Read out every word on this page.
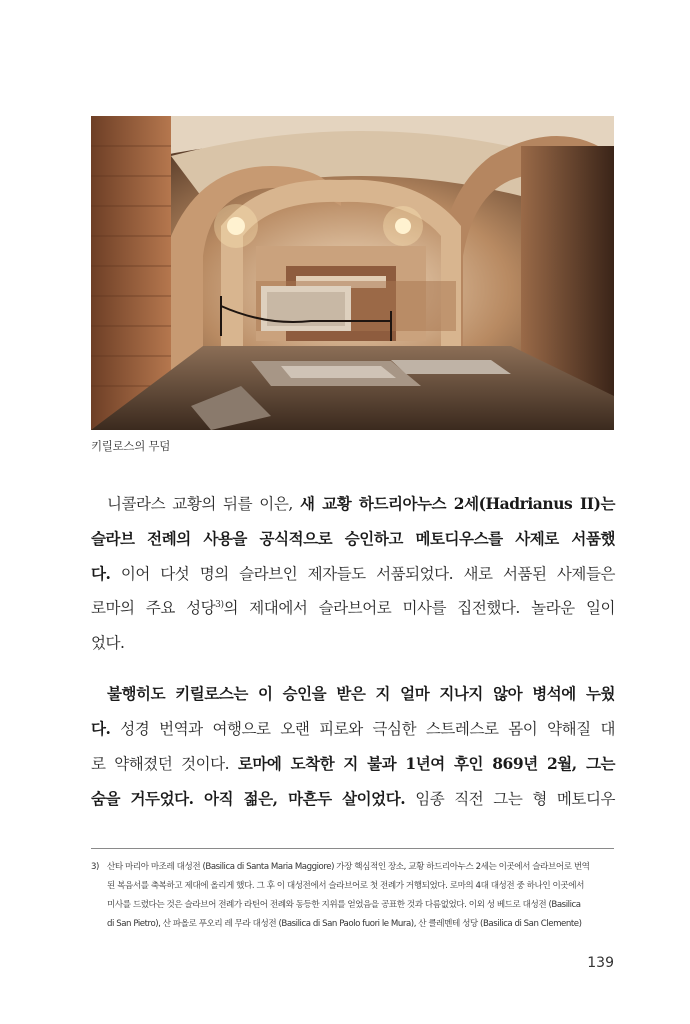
키릴로스의 무덤
니콜라스 교황의 뒤를 이은, 새 교황 하드리아누스 2세(Hadrianus II)는
슬라브 전례의 사용을 공식적으로 승인하고 메토디우스를 사제로 서품했
다. 이어 다섯 명의 슬라브인 제자들도 서품되었다. 새로 서품된 사제들은
로마의 주요 성당$^{3)}$의 제대에서 슬라브어로 미사를 집전했다. 놀라운 일이
었다.
불행히도 키릴로스는 이 승인을 받은 지 얼마 지나지 않아 병석에 누웠
다. 성경 번역과 여행으로 오랜 피로와 극심한 스트레스로 몸이 약해질 대
로 약해졌던 것이다. 로마에 도착한 지 불과 1년여 후인 869년 2월, 그는
숨을 거두었다. 아직 젊은, 마흔두 살이었다. 임종 직전 그는 형 메토디우
3) 산타 마리아 마조레 대성전 (Basilica di Santa Maria Maggiore) 가장 핵심적인 장소, 교황 하드리아누스 2세는 이곳에서 슬라브어로 번역
된 복음서를 축복하고 제대에 올리게 했다. 그 후 이 대성전에서 슬라브어로 첫 전례가 거행되었다. 로마의 4대 대성전 중 하나인 이곳에서
미사를 드렸다는 것은 슬라브어 전례가 라틴어 전례와 동등한 지위를 얻었음을 공표한 것과 다름없었다. 이외 성 베드로 대성전 (Basilica
di San Pietro), 산 파올로 푸오리 레 무라 대성전 (Basilica di San Paolo fuori le Mura), 산 클레멘테 성당 (Basilica di San Clemente)
139
